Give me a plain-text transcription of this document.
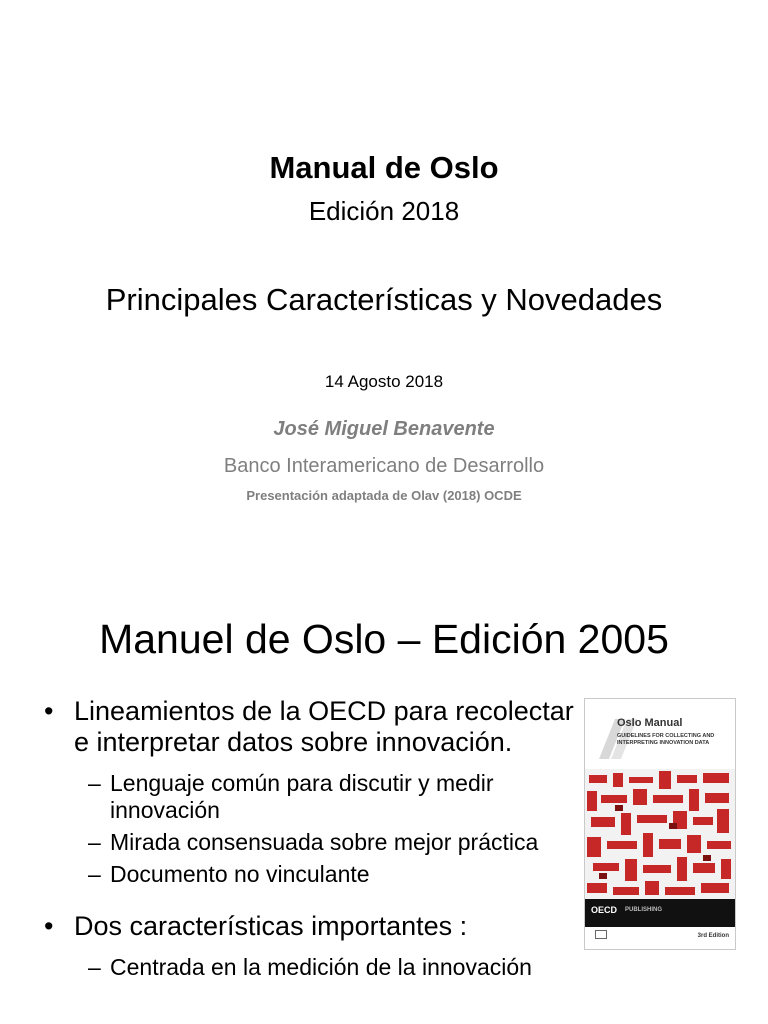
Manual de Oslo
Edición 2018
Principales Características y Novedades
14 Agosto 2018
José Miguel Benavente
Banco Interamericano de Desarrollo
Presentación adaptada de Olav (2018) OCDE
Manuel de Oslo – Edición 2005
• Lineamientos de la OECD para recolectar e interpretar datos sobre innovación.
– Lenguaje común para discutir y medir innovación
– Mirada consensuada sobre mejor práctica
– Documento no vinculante
• Dos características importantes :
– Centrada en la medición de la innovación
Oslo Manual
GUIDELINES FOR COLLECTING AND INTERPRETING INNOVATION DATA
OECD PUBLISHING
3rd Edition
